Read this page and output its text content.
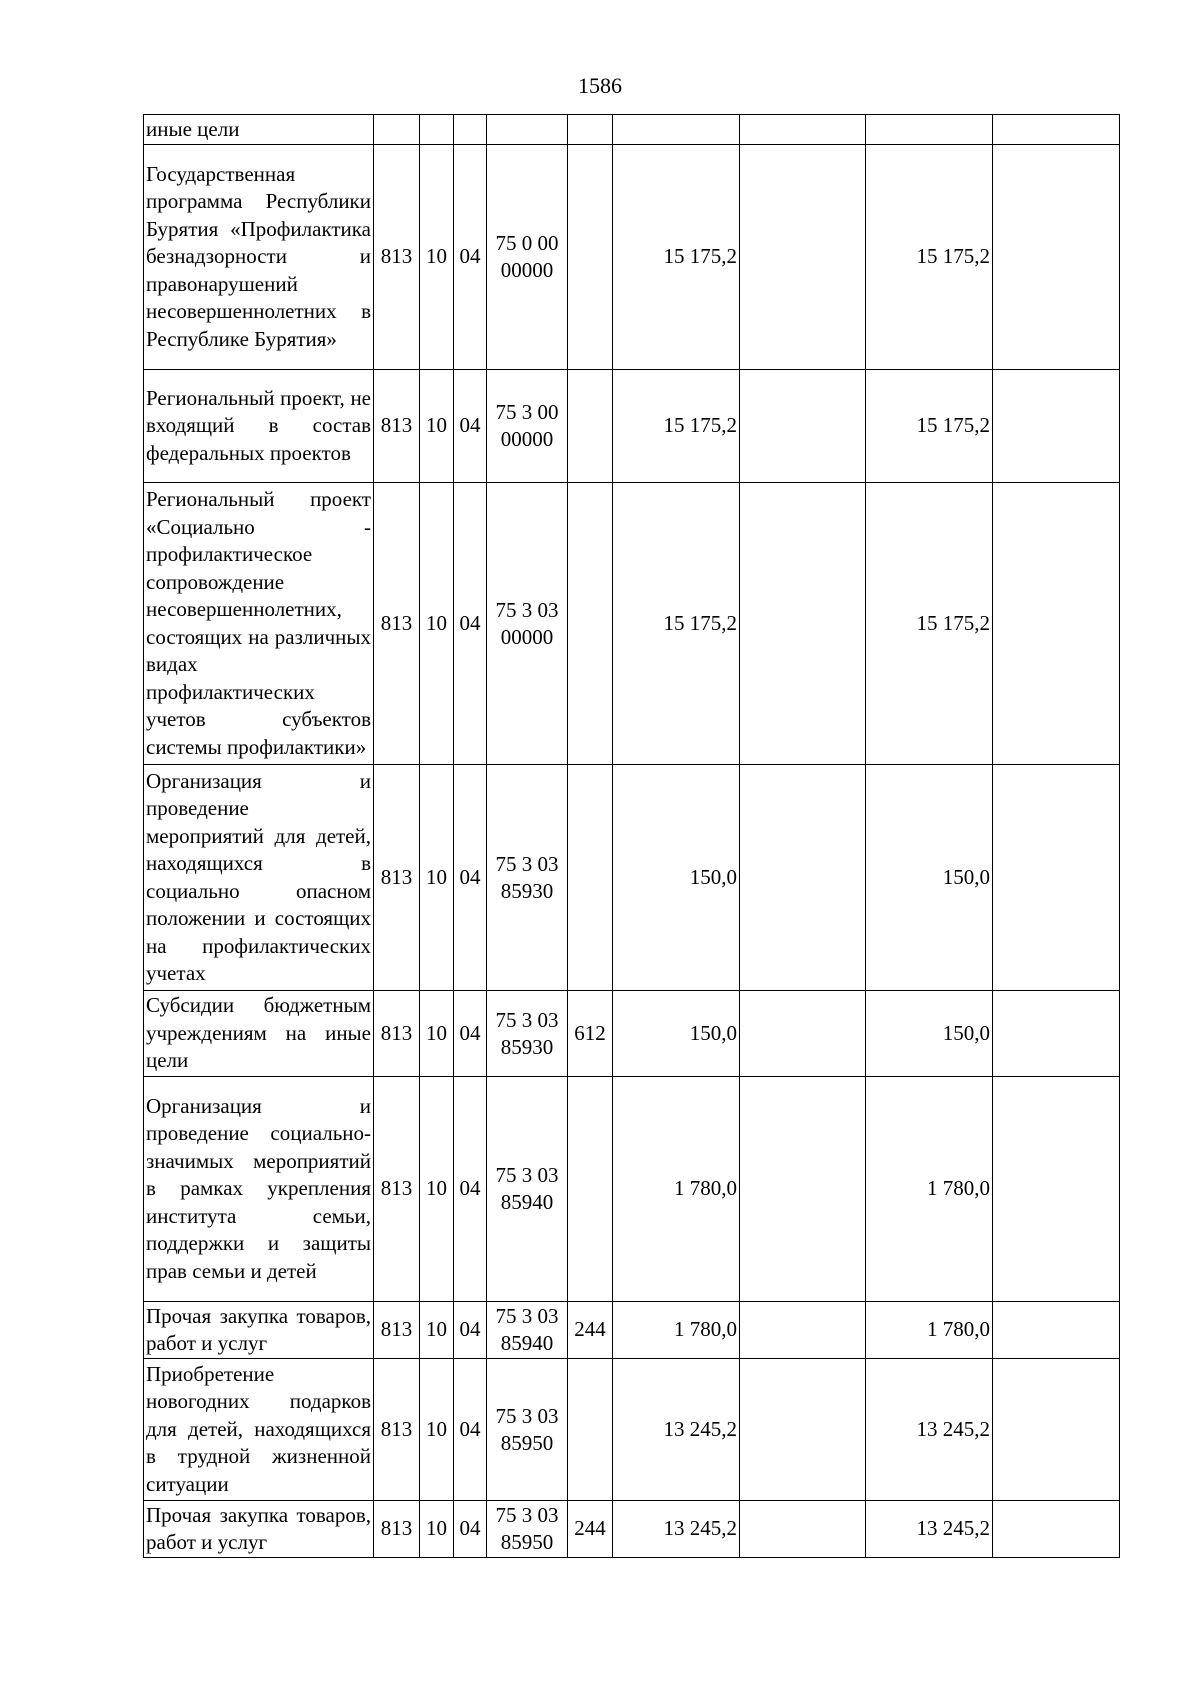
1586
иные цели									
Государственная программа Республики Бурятия «Профилактика безнадзорности и правонарушений несовершеннолетних в Республике Бурятия»	813	10	04	75 0 00 00000		15 175,2		15 175,2	
Региональный проект, не входящий в состав федеральных проектов	813	10	04	75 3 00 00000		15 175,2		15 175,2	
Региональный проект «Социально - профилактическое сопровождение несовершеннолетних, состоящих на различных видах профилактических учетов субъектов системы профилактики»	813	10	04	75 3 03 00000		15 175,2		15 175,2	
Организация и проведение мероприятий для детей, находящихся в социально опасном положении и состоящих на профилактических учетах	813	10	04	75 3 03 85930		150,0		150,0	
Субсидии бюджетным учреждениям на иные цели	813	10	04	75 3 03 85930	612	150,0		150,0	
Организация и проведение социально-значимых мероприятий в рамках укрепления института семьи, поддержки и защиты прав семьи и детей	813	10	04	75 3 03 85940		1 780,0		1 780,0	
Прочая закупка товаров, работ и услуг	813	10	04	75 3 03 85940	244	1 780,0		1 780,0	
Приобретение новогодних подарков для детей, находящихся в трудной жизненной ситуации	813	10	04	75 3 03 85950		13 245,2		13 245,2	
Прочая закупка товаров, работ и услуг	813	10	04	75 3 03 85950	244	13 245,2		13 245,2	
